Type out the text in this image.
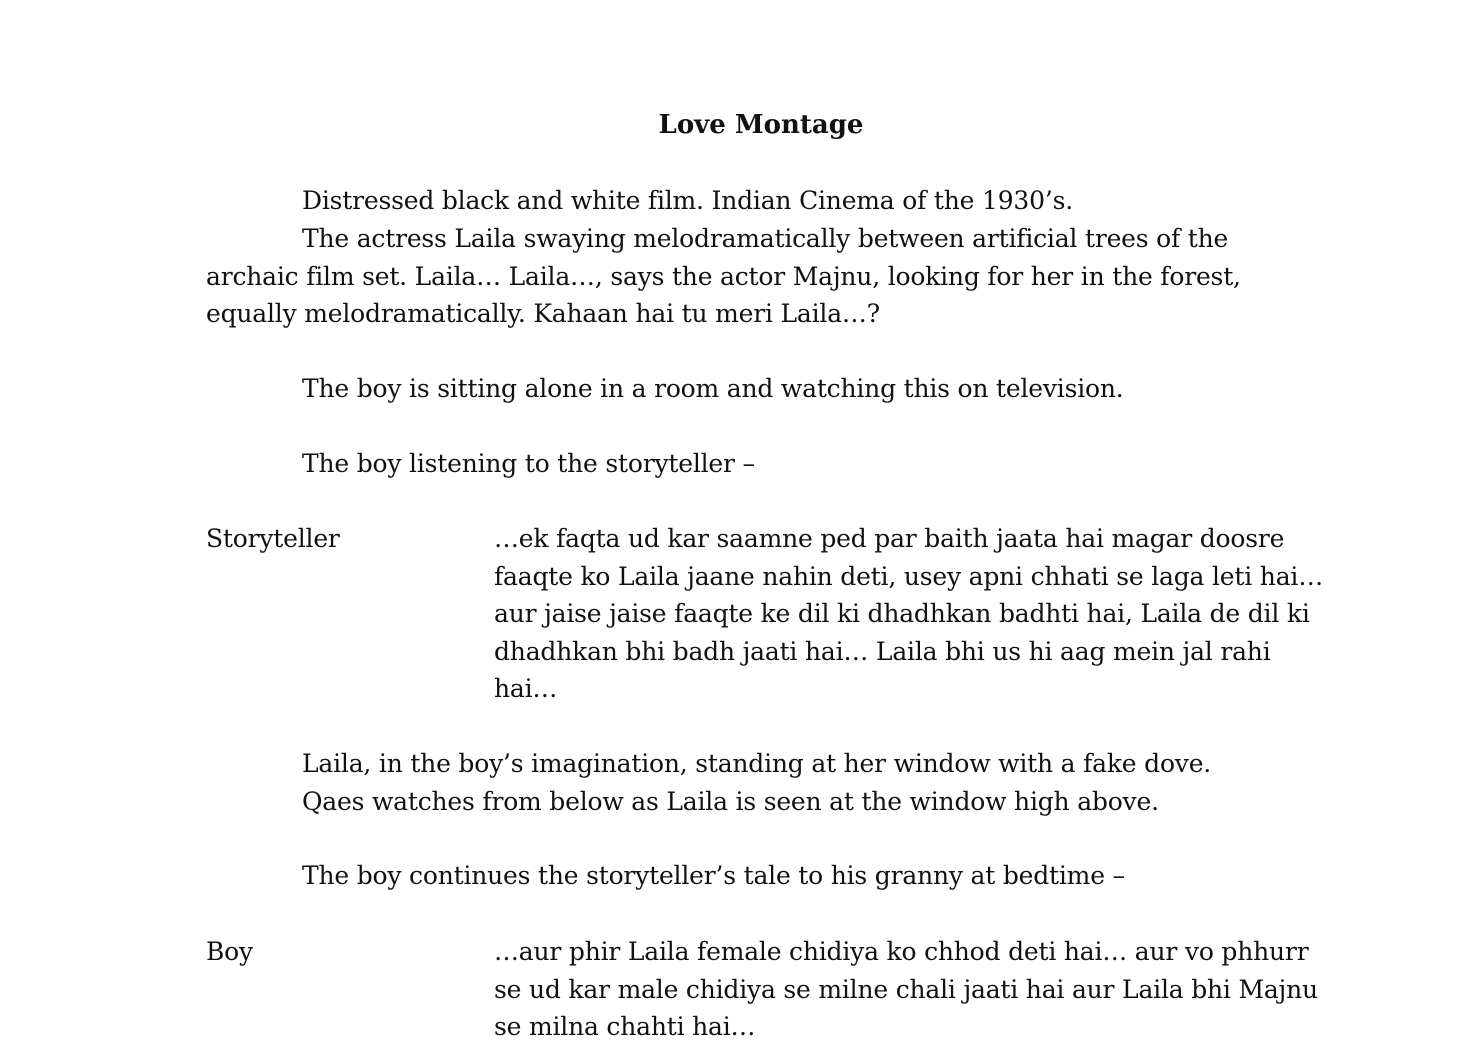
Love Montage

Distressed black and white film. Indian Cinema of the 1930’s.

The actress Laila swaying melodramatically between artificial trees of the archaic film set. Laila… Laila…, says the actor Majnu, looking for her in the forest, equally melodramatically. Kahaan hai tu meri Laila…?

The boy is sitting alone in a room and watching this on television.

The boy listening to the storyteller –

Storyteller	…ek faqta ud kar saamne ped par baith jaata hai magar doosre faaqte ko Laila jaane nahin deti, usey apni chhati se laga leti hai… aur jaise jaise faaqte ke dil ki dhadhkan badhti hai, Laila de dil ki dhadhkan bhi badh jaati hai… Laila bhi us hi aag mein jal rahi hai…

Laila, in the boy’s imagination, standing at her window with a fake dove.

Qaes watches from below as Laila is seen at the window high above.

The boy continues the storyteller’s tale to his granny at bedtime –

Boy	…aur phir Laila female chidiya ko chhod deti hai… aur vo phhurr se ud kar male chidiya se milne chali jaati hai aur Laila bhi Majnu se milna chahti hai…
